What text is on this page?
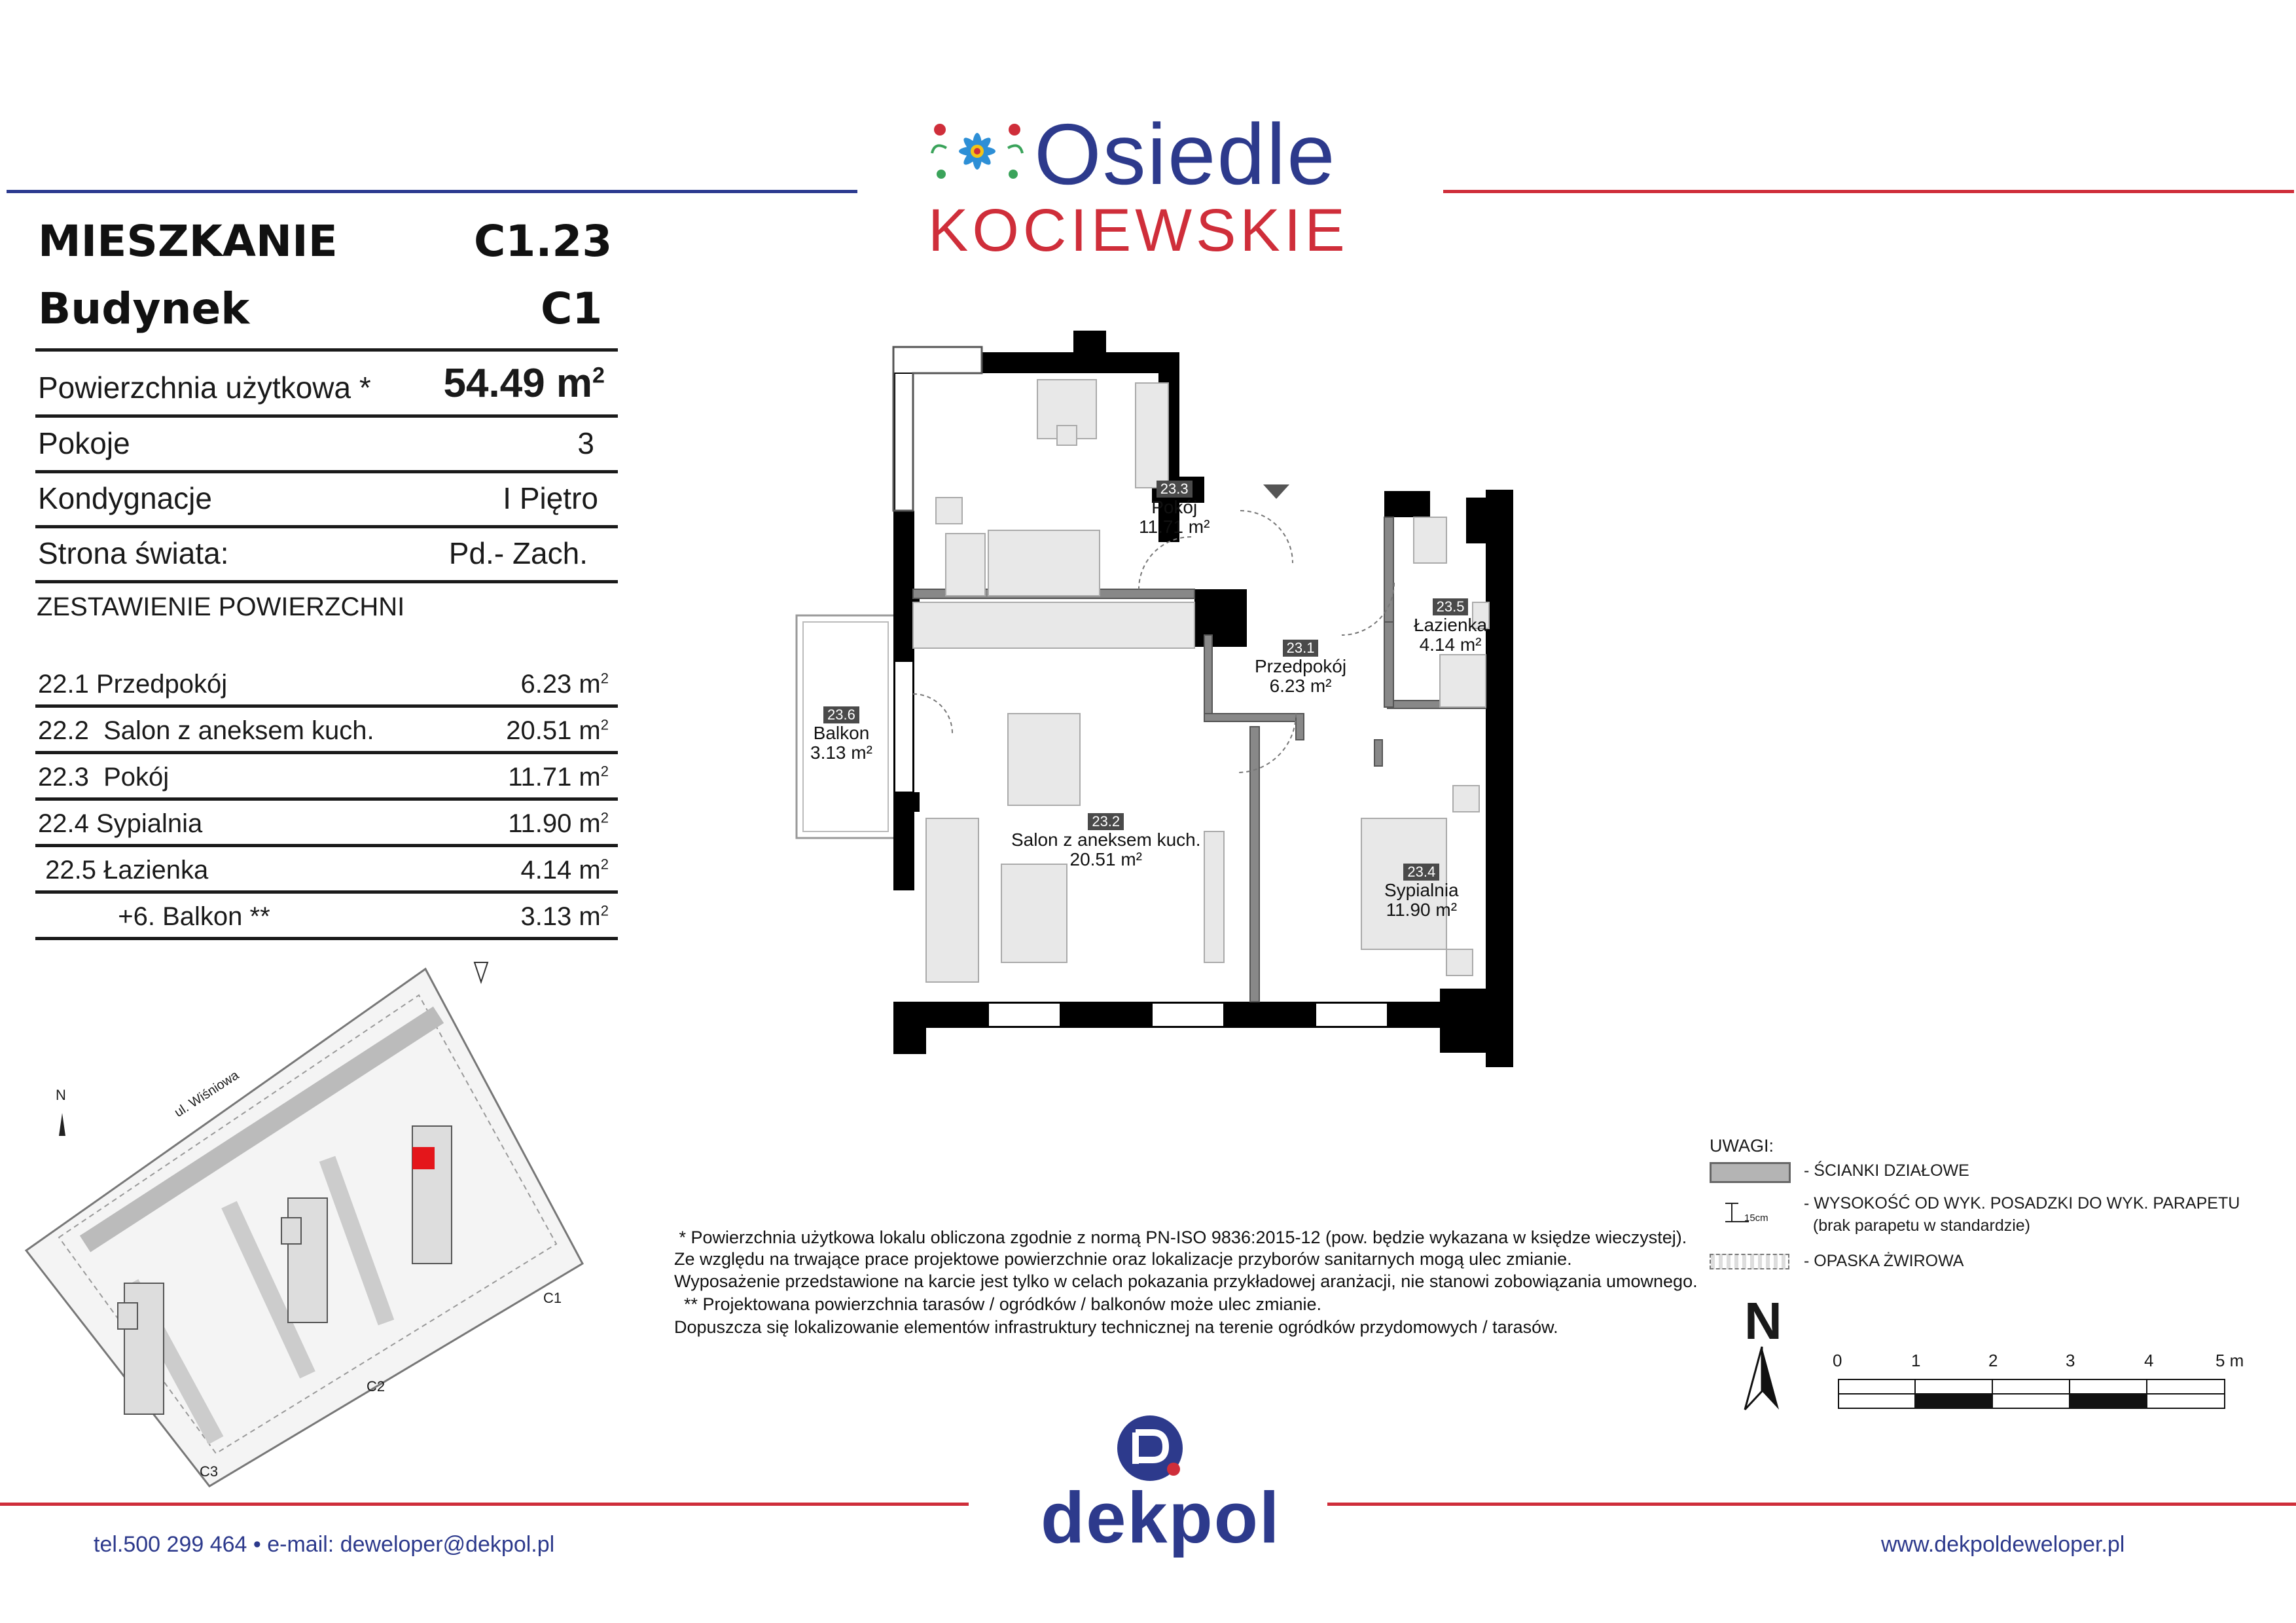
Osiedle
KOCIEWSKIE
MIESZKANIE	C1.23
Budynek	C1
Powierzchnia użytkowa * 54.49 $m^2$
Pokoje	3
Kondygnacje	I Piętro
Strona świata:	Pd.- Zach.
ZESTAWIENIE POWIERZCHNI
22.1 Przedpokój	6.23 $m^2$
22.2  Salon z aneksem kuch.	20.51 $m^2$
22.3  Pokój	11.71 $m^2$
22.4 Sypialnia	11.90 $m^2$
22.5 Łazienka	4.14 $m^2$
+6. Balkon **	3.13 $m^2$
23.3
Pokój
11.71 m²
23.5
Łazienka
4.14 m²
23.1
Przedpokój
6.23 m²
23.6
Balkon
3.13 m²
23.2
Salon z aneksem kuch.
20.51 m²
23.4
Sypialnia
11.90 m²
N	ul. Wiśniowa
C1
C2
C3
* Powierzchnia użytkowa lokalu obliczona zgodnie z normą PN-ISO 9836:2015-12 (pow. będzie wykazana w księdze wieczystej).
Ze względu na trwające prace projektowe powierzchnie oraz lokalizacje przyborów sanitarnych mogą ulec zmianie.
Wyposażenie przedstawione na karcie jest tylko w celach pokazania przykładowej aranżacji, nie stanowi zobowiązania umownego.
** Projektowana powierzchnia tarasów / ogródków / balkonów może ulec zmianie.
Dopuszcza się lokalizowanie elementów infrastruktury technicznej na terenie ogródków przydomowych / tarasów.
UWAGI:
- ŚCIANKI DZIAŁOWE
15cm
- WYSOKOŚĆ OD WYK. POSADZKI DO WYK. PARAPETU
(brak parapetu w standardzie)
- OPASKA ŻWIROWA
N
0	1	2	3	4	5 m
dekpol
tel.500 299 464 • e-mail: deweloper@dekpol.pl	www.dekpoldeweloper.pl
